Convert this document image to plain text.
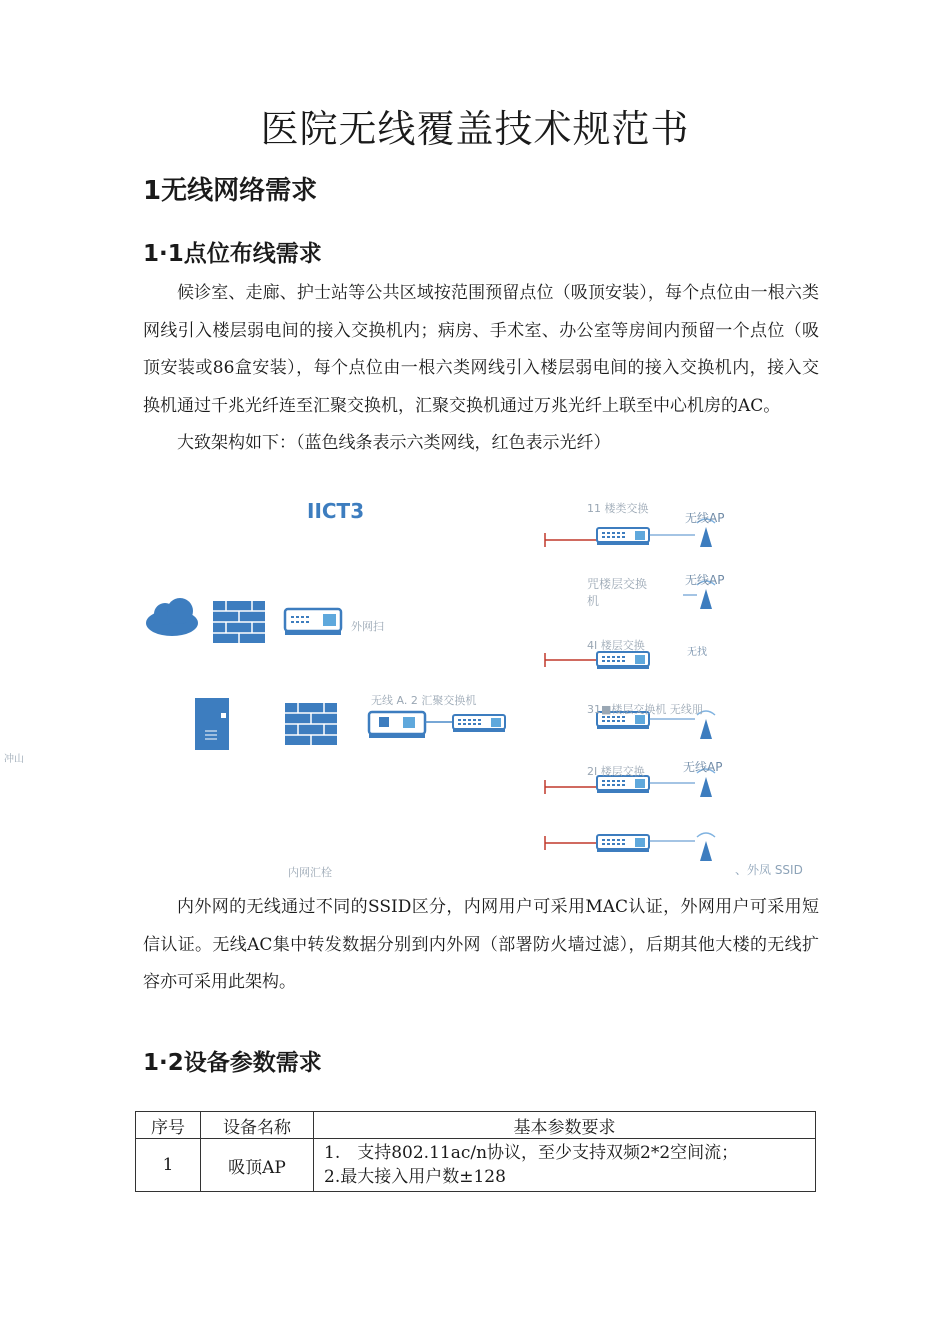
医院无线覆盖技术规范书
1无线网络需求
1·1点位布线需求

候诊室、走廊、护士站等公共区域按范围预留点位（吸顶安装），每个点位由一根六类网线引入楼层弱电间的接入交换机内；病房、手术室、办公室等房间内预留一个点位（吸顶安装或86盒安装），每个点位由一根六类网线引入楼层弱电间的接入交换机内，接入交换机通过千兆光纤连至汇聚交换机，汇聚交换机通过万兆光纤上联至中心机房的AC。

大致架构如下：（蓝色线条表示六类网线，红色表示光纤）

IICT3
外网扫
无线 A. 2 汇聚交换机
内网汇栓	、外凤 SSID
11 楼类交换
无线AP
咒楼层交换机
无线AP
4I 楼层交换
无找
31■楼层交换机 无线朋
2I 楼层交换	无线AP
冲山

内外网的无线通过不同的SSID区分，内网用户可采用MAC认证，外网用户可采用短信认证。无线AC集中转发数据分别到内外网（部署防火墙过滤），后期其他大楼的无线扩容亦可采用此架构。

1·2设备参数需求
序号	设备名称	基本参数要求
1	吸顶AP	1.　支持802.11ac/n协议，至少支持双频2*2空间流；
2.最大接入用户数±128
